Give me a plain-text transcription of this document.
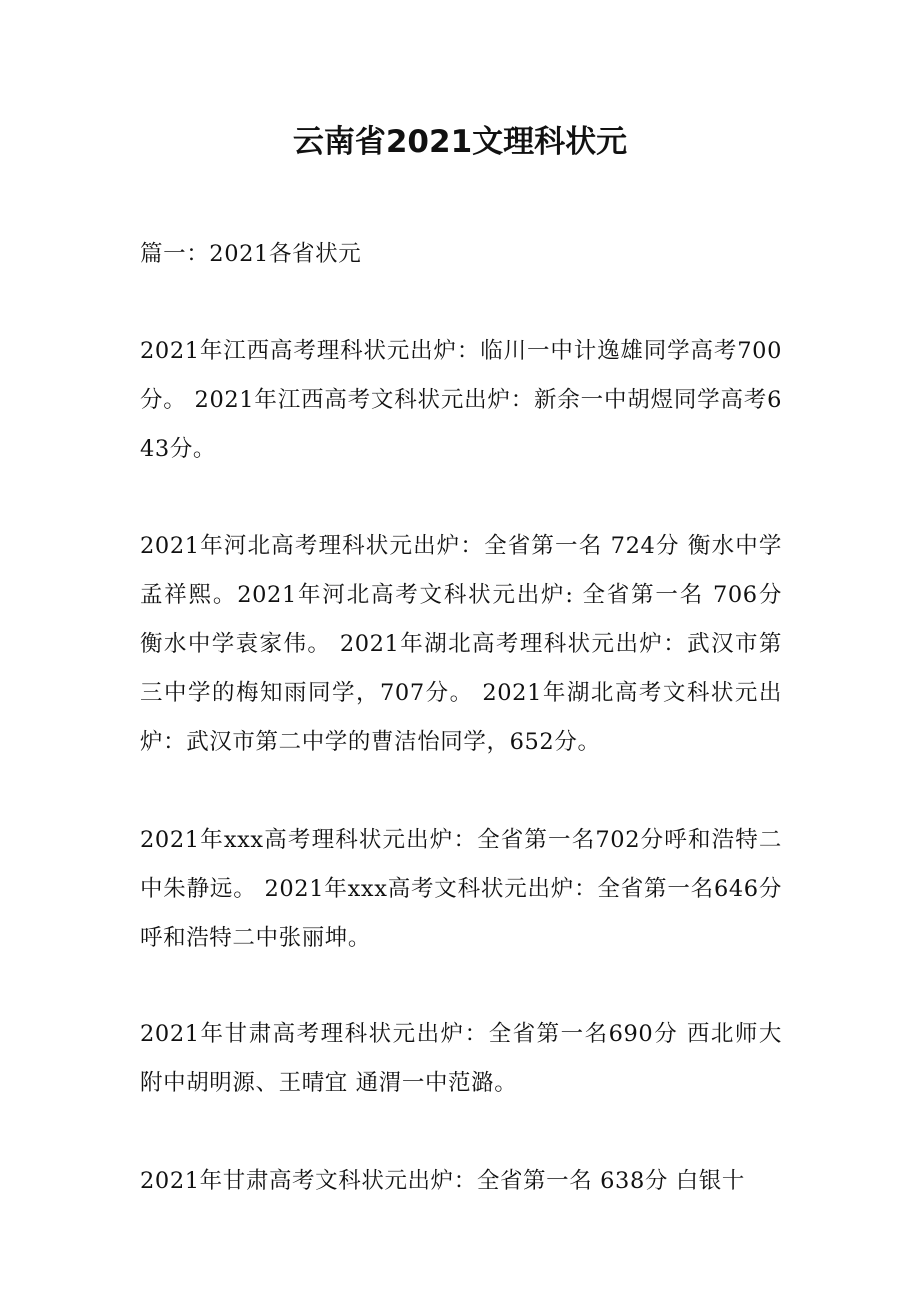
云南省2021文理科状元

篇一：2021各省状元

2021年江西高考理科状元出炉：临川一中计逸雄同学高考700分。 2021年江西高考文科状元出炉：新余一中胡煜同学高考643分。

2021年河北高考理科状元出炉：全省第一名 724分 衡水中学孟祥熙。2021年河北高考文科状元出炉: 全省第一名 706分 衡水中学袁家伟。 2021年湖北高考理科状元出炉：武汉市第三中学的梅知雨同学，707分。 2021年湖北高考文科状元出炉：武汉市第二中学的曹洁怡同学，652分。

2021年xxx高考理科状元出炉：全省第一名702分呼和浩特二中朱静远。 2021年xxx高考文科状元出炉：全省第一名646分 呼和浩特二中张丽坤。

2021年甘肃高考理科状元出炉：全省第一名690分 西北师大附中胡明源、王晴宜 通渭一中范潞。

2021年甘肃高考文科状元出炉：全省第一名 638分 白银十
